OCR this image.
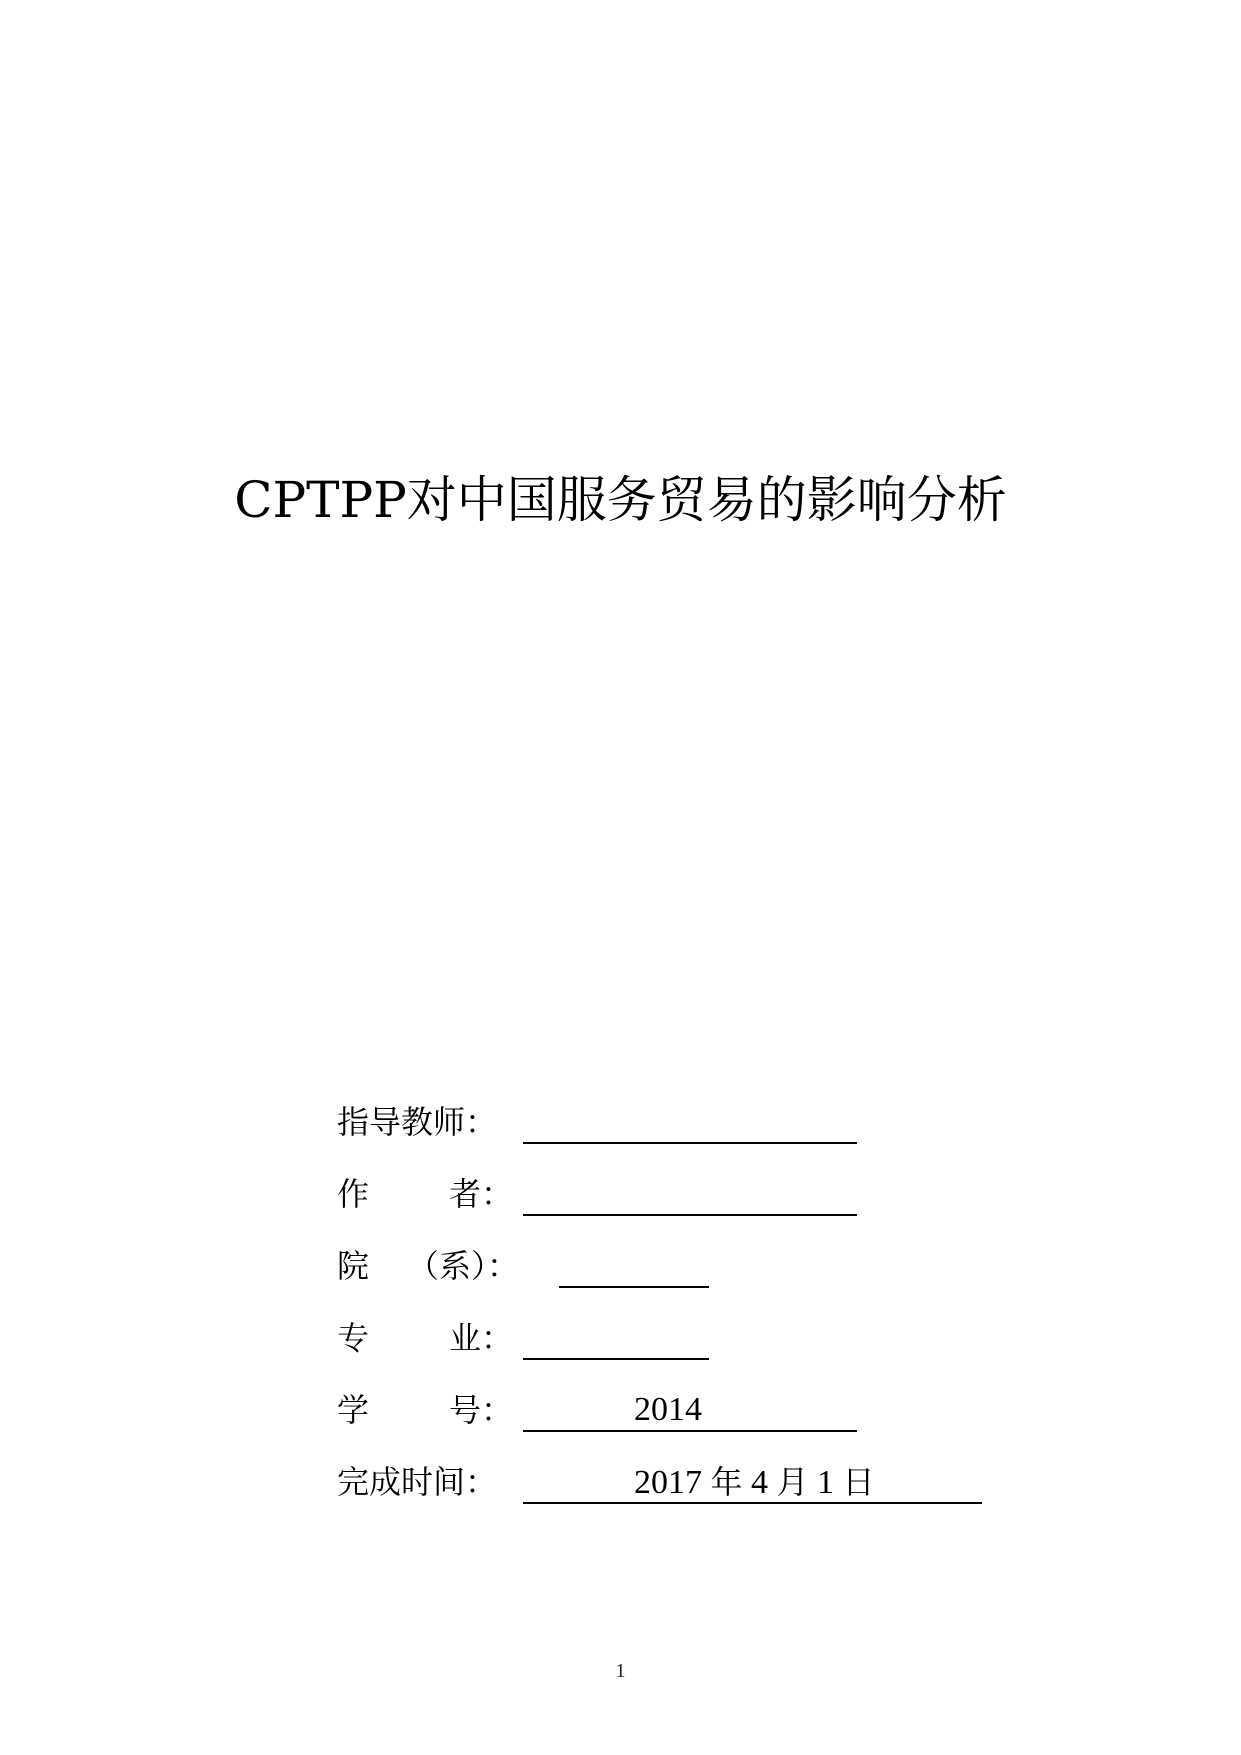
CPTPP对中国服务贸易的影响分析
指导教师：
作	者：
院 （系）：
专	业：
学	号：	2014
完成时间：	2017 年 4 月 1 日
1
